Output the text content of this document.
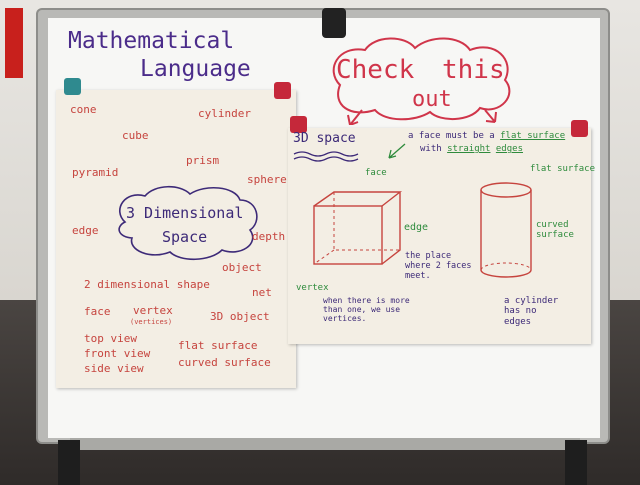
Mathematical
Language	Check this
out
cone	cylinder
cube
prism
pyramid
sphere
3 Dimensional
Space
edge	depth
object
2 dimensional shape
net
face vertex
(vertices)	3D object
top view
front view
side view
flat surface
curved surface
3D space	a face must be a flat surface
with straight edges
face
edge
the place where 2 faces meet.
vertex
when there is more than one, we use vertices.
flat surface
curved surface
a cylinder has no edges
